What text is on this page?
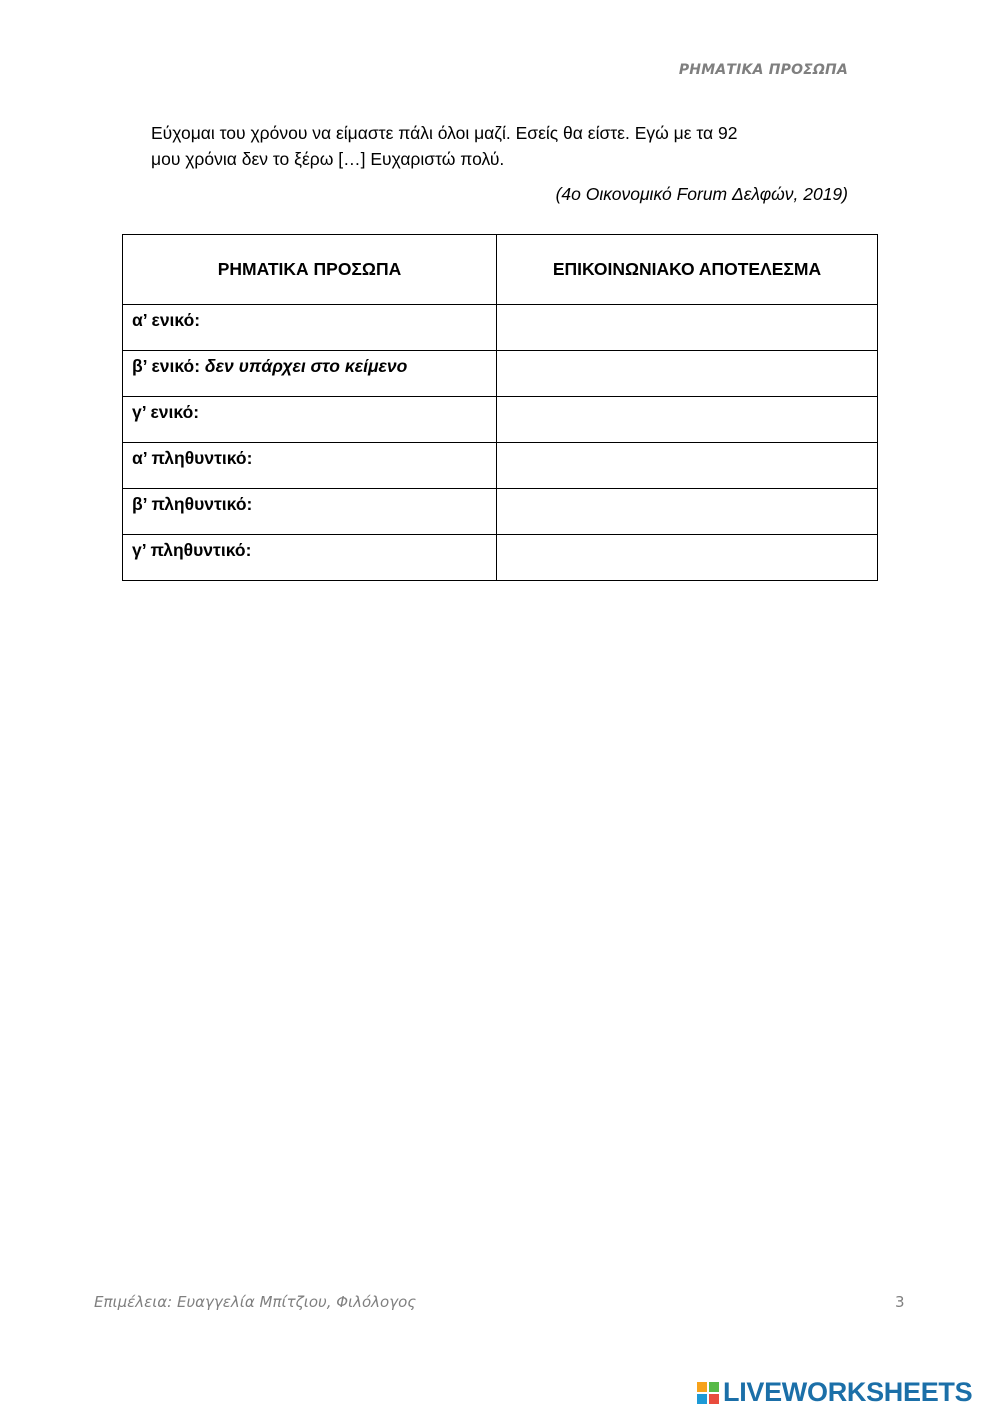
ΡΗΜΑΤΙΚΑ ΠΡΟΣΩΠΑ
Εύχομαι του χρόνου να είμαστε πάλι όλοι μαζί. Εσείς θα είστε. Εγώ με τα 92
μου χρόνια δεν το ξέρω […] Ευχαριστώ πολύ.
(4ο Οικονομικό Forum Δελφών, 2019)
ΡΗΜΑΤΙΚΑ ΠΡΟΣΩΠΑ	ΕΠΙΚΟΙΝΩΝΙΑΚΟ ΑΠΟΤΕΛΕΣΜΑ
α’ ενικό:	
β’ ενικό: δεν υπάρχει στο κείμενο	
γ’ ενικό:	
α’ πληθυντικό:	
β’ πληθυντικό:	
γ’ πληθυντικό:	
Επιμέλεια: Ευαγγελία Μπίτζιου, Φιλόλογος	3
LIVEWORKSHEETS
